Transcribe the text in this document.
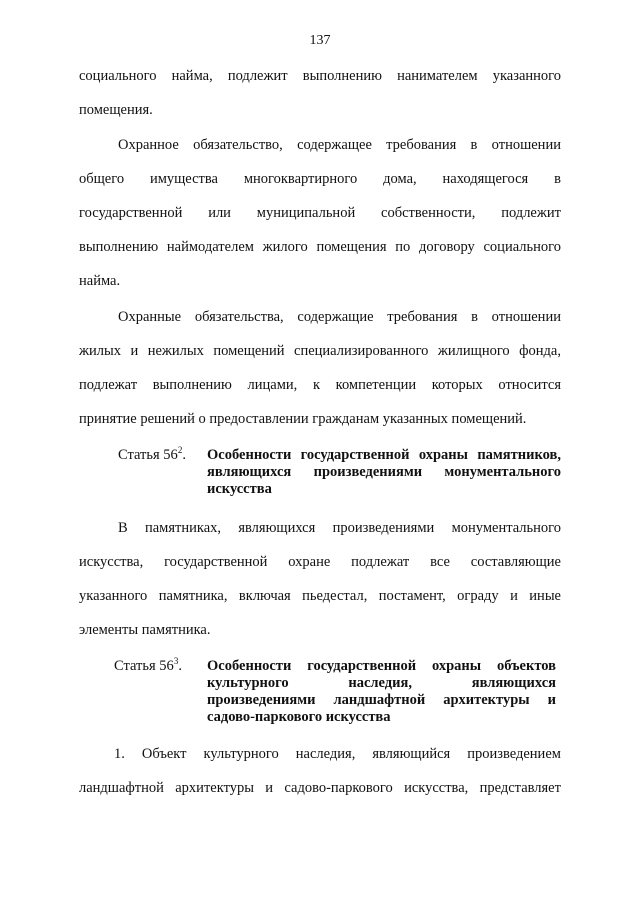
137
социального найма, подлежит выполнению нанимателем указанного
помещения.
Охранное обязательство, содержащее требования в отношении
общего имущества многоквартирного дома, находящегося в
государственной или муниципальной собственности, подлежит
выполнению наймодателем жилого помещения по договору социального
найма.
Охранные обязательства, содержащие требования в отношении
жилых и нежилых помещений специализированного жилищного фонда,
подлежат выполнению лицами, к компетенции которых относится
принятие решений о предоставлении гражданам указанных помещений.
Статья $56^2$. Особенности государственной охраны памятников,
являющихся произведениями монументального
искусства
В памятниках, являющихся произведениями монументального
искусства, государственной охране подлежат все составляющие
указанного памятника, включая пьедестал, постамент, ограду и иные
элементы памятника.
Статья $56^3$. Особенности государственной охраны объектов
культурного	наследия,	являющихся
произведениями ландшафтной архитектуры и
садово-паркового искусства
1. Объект культурного наследия, являющийся произведением
ландшафтной архитектуры и садово-паркового искусства, представляет
